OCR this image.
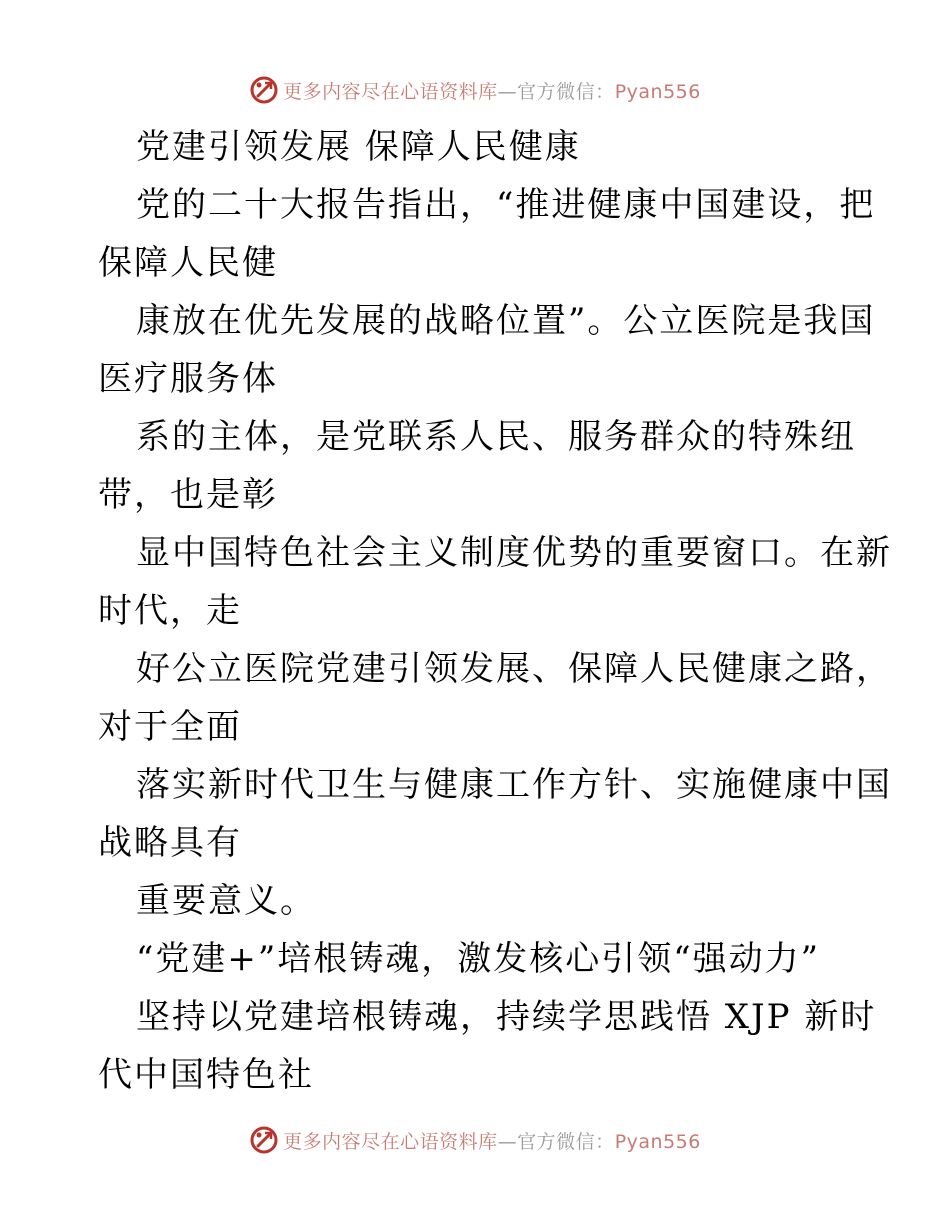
更多内容尽在心语资料库—官方微信：Pyan556
党建引领发展 保障人民健康
党的二十大报告指出，“推进健康中国建设，把
保障人民健
康放在优先发展的战略位置”。公立医院是我国
医疗服务体
系的主体，是党联系人民、服务群众的特殊纽
带，也是彰
显中国特色社会主义制度优势的重要窗口。在新
时代，走
好公立医院党建引领发展、保障人民健康之路，
对于全面
落实新时代卫生与健康工作方针、实施健康中国
战略具有
重要意义。
“党建+”培根铸魂，激发核心引领“强动力”
坚持以党建培根铸魂，持续学思践悟 XJP 新时
代中国特色社
更多内容尽在心语资料库—官方微信：Pyan556
